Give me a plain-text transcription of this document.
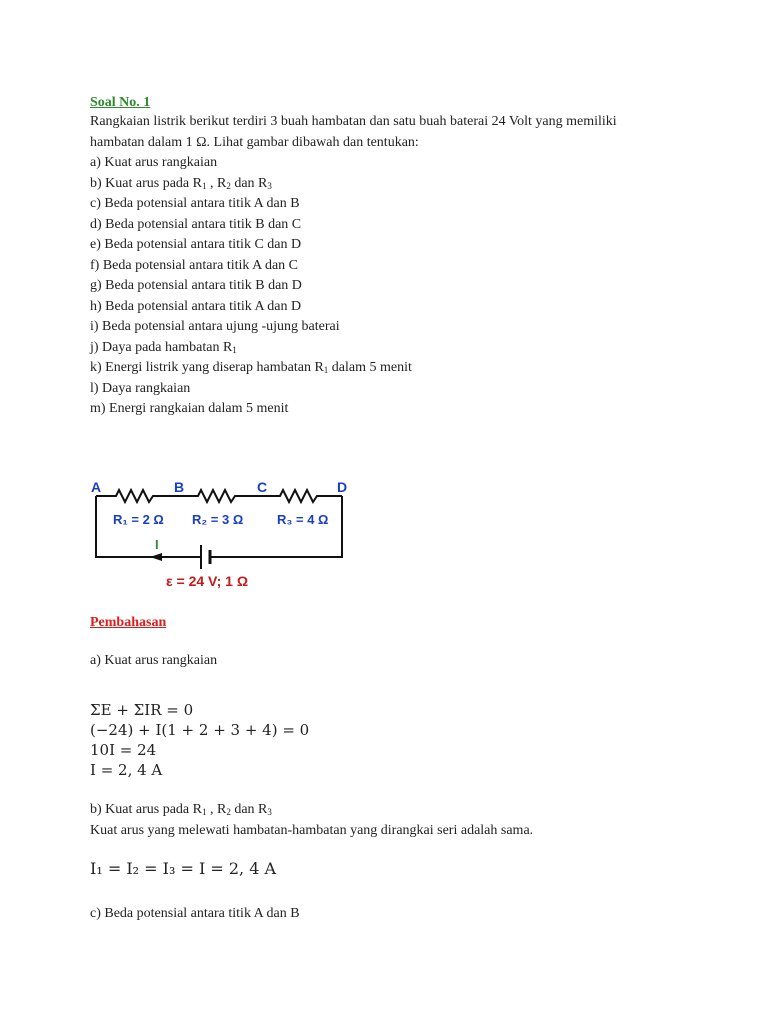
Soal No. 1
Rangkaian listrik berikut terdiri 3 buah hambatan dan satu buah baterai 24 Volt yang memiliki
hambatan dalam 1 Ω. Lihat gambar dibawah dan tentukan:
a) Kuat arus rangkaian
b) Kuat arus pada $R_1$ , $R_2$ dan $R_3$
c) Beda potensial antara titik A dan B
d) Beda potensial antara titik B dan C
e) Beda potensial antara titik C dan D
f) Beda potensial antara titik A dan C
g) Beda potensial antara titik B dan D
h) Beda potensial antara titik A dan D
i) Beda potensial antara ujung -ujung baterai
j) Daya pada hambatan $R_1$
k) Energi listrik yang diserap hambatan $R_1$ dalam 5 menit
l) Daya rangkaian
m) Energi rangkaian dalam 5 menit
A	B	C	D
R₁ = 2 Ω R₂ = 3 Ω	R₃ = 4 Ω
I
ε = 24 V; 1 Ω
Pembahasan
a) Kuat arus rangkaian
ΣE + ΣIR = 0
(−24) + I(1 + 2 + 3 + 4) = 0
10I = 24
I = 2, 4 A
b) Kuat arus pada $R_1$ , $R_2$ dan $R_3$
Kuat arus yang melewati hambatan-hambatan yang dirangkai seri adalah sama.
I₁ = I₂ = I₃ = I = 2, 4 A
c) Beda potensial antara titik A dan B
